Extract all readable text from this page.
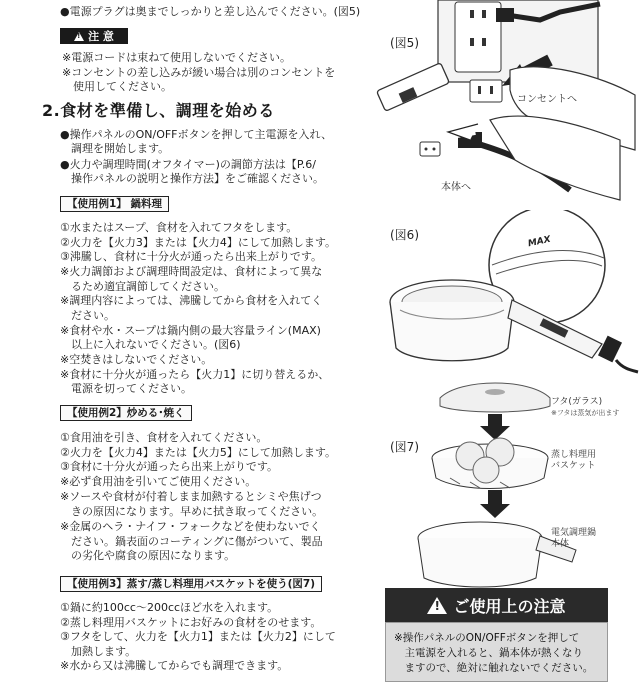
●電源プラグは奥までしっかりと差し込んでください。(図5)
!
注 意
※電源コードは束ねて使用しないでください。
※コンセントの差し込みが緩い場合は別のコンセントを
　使用してください。
2.食材を準備し、調理を始める
●操作パネルのON/OFFボタンを押して主電源を入れ、
　調理を開始します。
●火力や調理時間(オフタイマー)の調節方法は【P.6/
　操作パネルの説明と操作方法】をご確認ください。
【使用例1】 鍋料理
①水またはスープ、食材を入れてフタをします。
②火力を【火力3】または【火力4】にして加熱します。
③沸騰し、食材に十分火が通ったら出来上がりです。
※火力調節および調理時間設定は、食材によって異な
　るため適宜調節してください。
※調理内容によっては、沸騰してから食材を入れてく
　ださい。
※食材や水・スープは鍋内側の最大容量ライン(MAX)
　以上に入れないでください。(図6)
※空焚きはしないでください。
※食材に十分火が通ったら【火力1】に切り替えるか、
　電源を切ってください。
【使用例2】炒める･焼く
①食用油を引き、食材を入れてください。
②火力を【火力4】または【火力5】にして加熱します。
③食材に十分火が通ったら出来上がりです。
※必ず食用油を引いてご使用ください。
※ソースや食材が付着しまま加熱するとシミや焦げつ
　きの原因になります。早めに拭き取ってください。
※金属のヘラ・ナイフ・フォークなどを使わないでく
　ださい。鍋表面のコーティングに傷がついて、製品
　の劣化や腐食の原因になります。
【使用例3】蒸す/蒸し料理用バスケットを使う(図7)
①鍋に約100cc～200ccほど水を入れます。
②蒸し料理用バスケットにお好みの食材をのせます。
③フタをして、火力を【火力1】または【火力2】にして
　加熱します。
※水から又は沸騰してからでも調理できます。
(図5)
コンセントへ
本体へ
(図6)	MAX
フタ(ガラス)
※フタは蒸気が出ます
(図7)
蒸し料理用
バスケット
電気調理鍋
本体
!
ご使用上の注意
※操作パネルのON/OFFボタンを押して
　主電源を入れると、鍋本体が熱くなり
　ますので、絶対に触れないでください。
